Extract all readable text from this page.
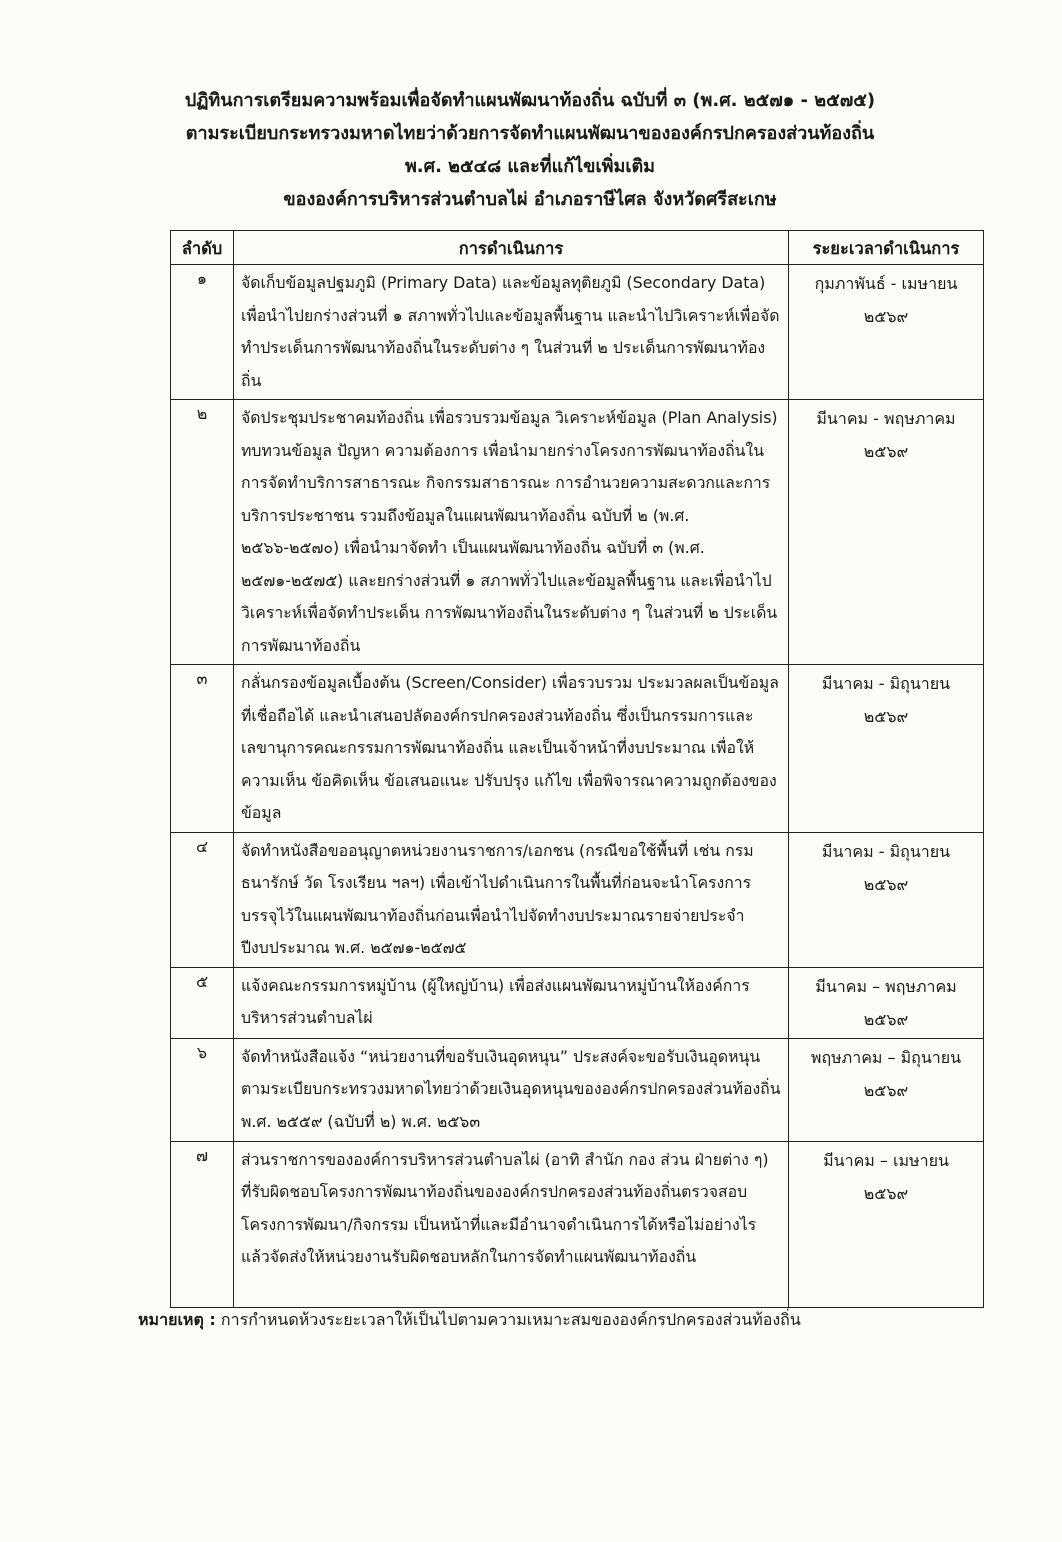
ปฏิทินการเตรียมความพร้อมเพื่อจัดทำแผนพัฒนาท้องถิ่น ฉบับที่ ๓ (พ.ศ. ๒๕๗๑ - ๒๕๗๕)
ตามระเบียบกระทรวงมหาดไทยว่าด้วยการจัดทำแผนพัฒนาขององค์กรปกครองส่วนท้องถิ่น
พ.ศ. ๒๕๔๘ และที่แก้ไขเพิ่มเติม
ขององค์การบริหารส่วนตำบลไผ่ อำเภอราษีไศล จังหวัดศรีสะเกษ
ลำดับ	การดำเนินการ	ระยะเวลาดำเนินการ
๑	จัดเก็บข้อมูลปฐมภูมิ (Primary Data) และข้อมูลทุติยภูมิ (Secondary Data) เพื่อนำไปยกร่างส่วนที่ ๑ สภาพทั่วไปและข้อมูลพื้นฐาน และนำไปวิเคราะห์เพื่อจัดทำประเด็นการพัฒนาท้องถิ่นในระดับต่าง ๆ ในส่วนที่ ๒ ประเด็นการพัฒนาท้องถิ่น	กุมภาพันธ์ - เมษายน
๒๕๖๙

๒	จัดประชุมประชาคมท้องถิ่น เพื่อรวบรวมข้อมูล วิเคราะห์ข้อมูล (Plan Analysis) ทบทวนข้อมูล ปัญหา ความต้องการ เพื่อนำมายกร่างโครงการพัฒนาท้องถิ่นในการจัดทำบริการสาธารณะ กิจกรรมสาธารณะ การอำนวยความสะดวกและการบริการประชาชน รวมถึงข้อมูลในแผนพัฒนาท้องถิ่น ฉบับที่ ๒ (พ.ศ. ๒๕๖๖-๒๕๗๐) เพื่อนำมาจัดทำ เป็นแผนพัฒนาท้องถิ่น ฉบับที่ ๓ (พ.ศ. ๒๕๗๑-๒๕๗๕) และยกร่างส่วนที่ ๑ สภาพทั่วไปและข้อมูลพื้นฐาน และเพื่อนำไปวิเคราะห์เพื่อจัดทำประเด็น การพัฒนาท้องถิ่นในระดับต่าง ๆ ในส่วนที่ ๒ ประเด็นการพัฒนาท้องถิ่น	มีนาคม - พฤษภาคม
๒๕๖๙

๓	กลั่นกรองข้อมูลเบื้องต้น (Screen/Consider) เพื่อรวบรวม ประมวลผลเป็นข้อมูลที่เชื่อถือได้ และนำเสนอปลัดองค์กรปกครองส่วนท้องถิ่น ซึ่งเป็นกรรมการและเลขานุการคณะกรรมการพัฒนาท้องถิ่น และเป็นเจ้าหน้าที่งบประมาณ เพื่อให้ความเห็น ข้อคิดเห็น ข้อเสนอแนะ ปรับปรุง แก้ไข เพื่อพิจารณาความถูกต้องของข้อมูล	มีนาคม - มิถุนายน
๒๕๖๙

๔	จัดทำหนังสือขออนุญาตหน่วยงานราชการ/เอกชน (กรณีขอใช้พื้นที่ เช่น กรมธนารักษ์ วัด โรงเรียน ฯลฯ) เพื่อเข้าไปดำเนินการในพื้นที่ก่อนจะนำโครงการบรรจุไว้ในแผนพัฒนาท้องถิ่นก่อนเพื่อนำไปจัดทำงบประมาณรายจ่ายประจำปีงบประมาณ พ.ศ. ๒๕๗๑-๒๕๗๕	มีนาคม - มิถุนายน
๒๕๖๙

๕	แจ้งคณะกรรมการหมู่บ้าน (ผู้ใหญ่บ้าน) เพื่อส่งแผนพัฒนาหมู่บ้านให้องค์การบริหารส่วนตำบลไผ่	มีนาคม – พฤษภาคม
๒๕๖๙

๖	จัดทำหนังสือแจ้ง “หน่วยงานที่ขอรับเงินอุดหนุน” ประสงค์จะขอรับเงินอุดหนุนตามระเบียบกระทรวงมหาดไทยว่าด้วยเงินอุดหนุนขององค์กรปกครองส่วนท้องถิ่น พ.ศ. ๒๕๕๙ (ฉบับที่ ๒) พ.ศ. ๒๕๖๓	พฤษภาคม – มิถุนายน
๒๕๖๙

๗	ส่วนราชการขององค์การบริหารส่วนตำบลไผ่ (อาทิ สำนัก กอง ส่วน ฝ่ายต่าง ๆ) ที่รับผิดชอบโครงการพัฒนาท้องถิ่นขององค์กรปกครองส่วนท้องถิ่นตรวจสอบโครงการพัฒนา/กิจกรรม เป็นหน้าที่และมีอำนาจดำเนินการได้หรือไม่อย่างไรแล้วจัดส่งให้หน่วยงานรับผิดชอบหลักในการจัดทำแผนพัฒนาท้องถิ่น	มีนาคม – เมษายน
๒๕๖๙
หมายเหตุ : การกำหนดห้วงระยะเวลาให้เป็นไปตามความเหมาะสมขององค์กรปกครองส่วนท้องถิ่น
